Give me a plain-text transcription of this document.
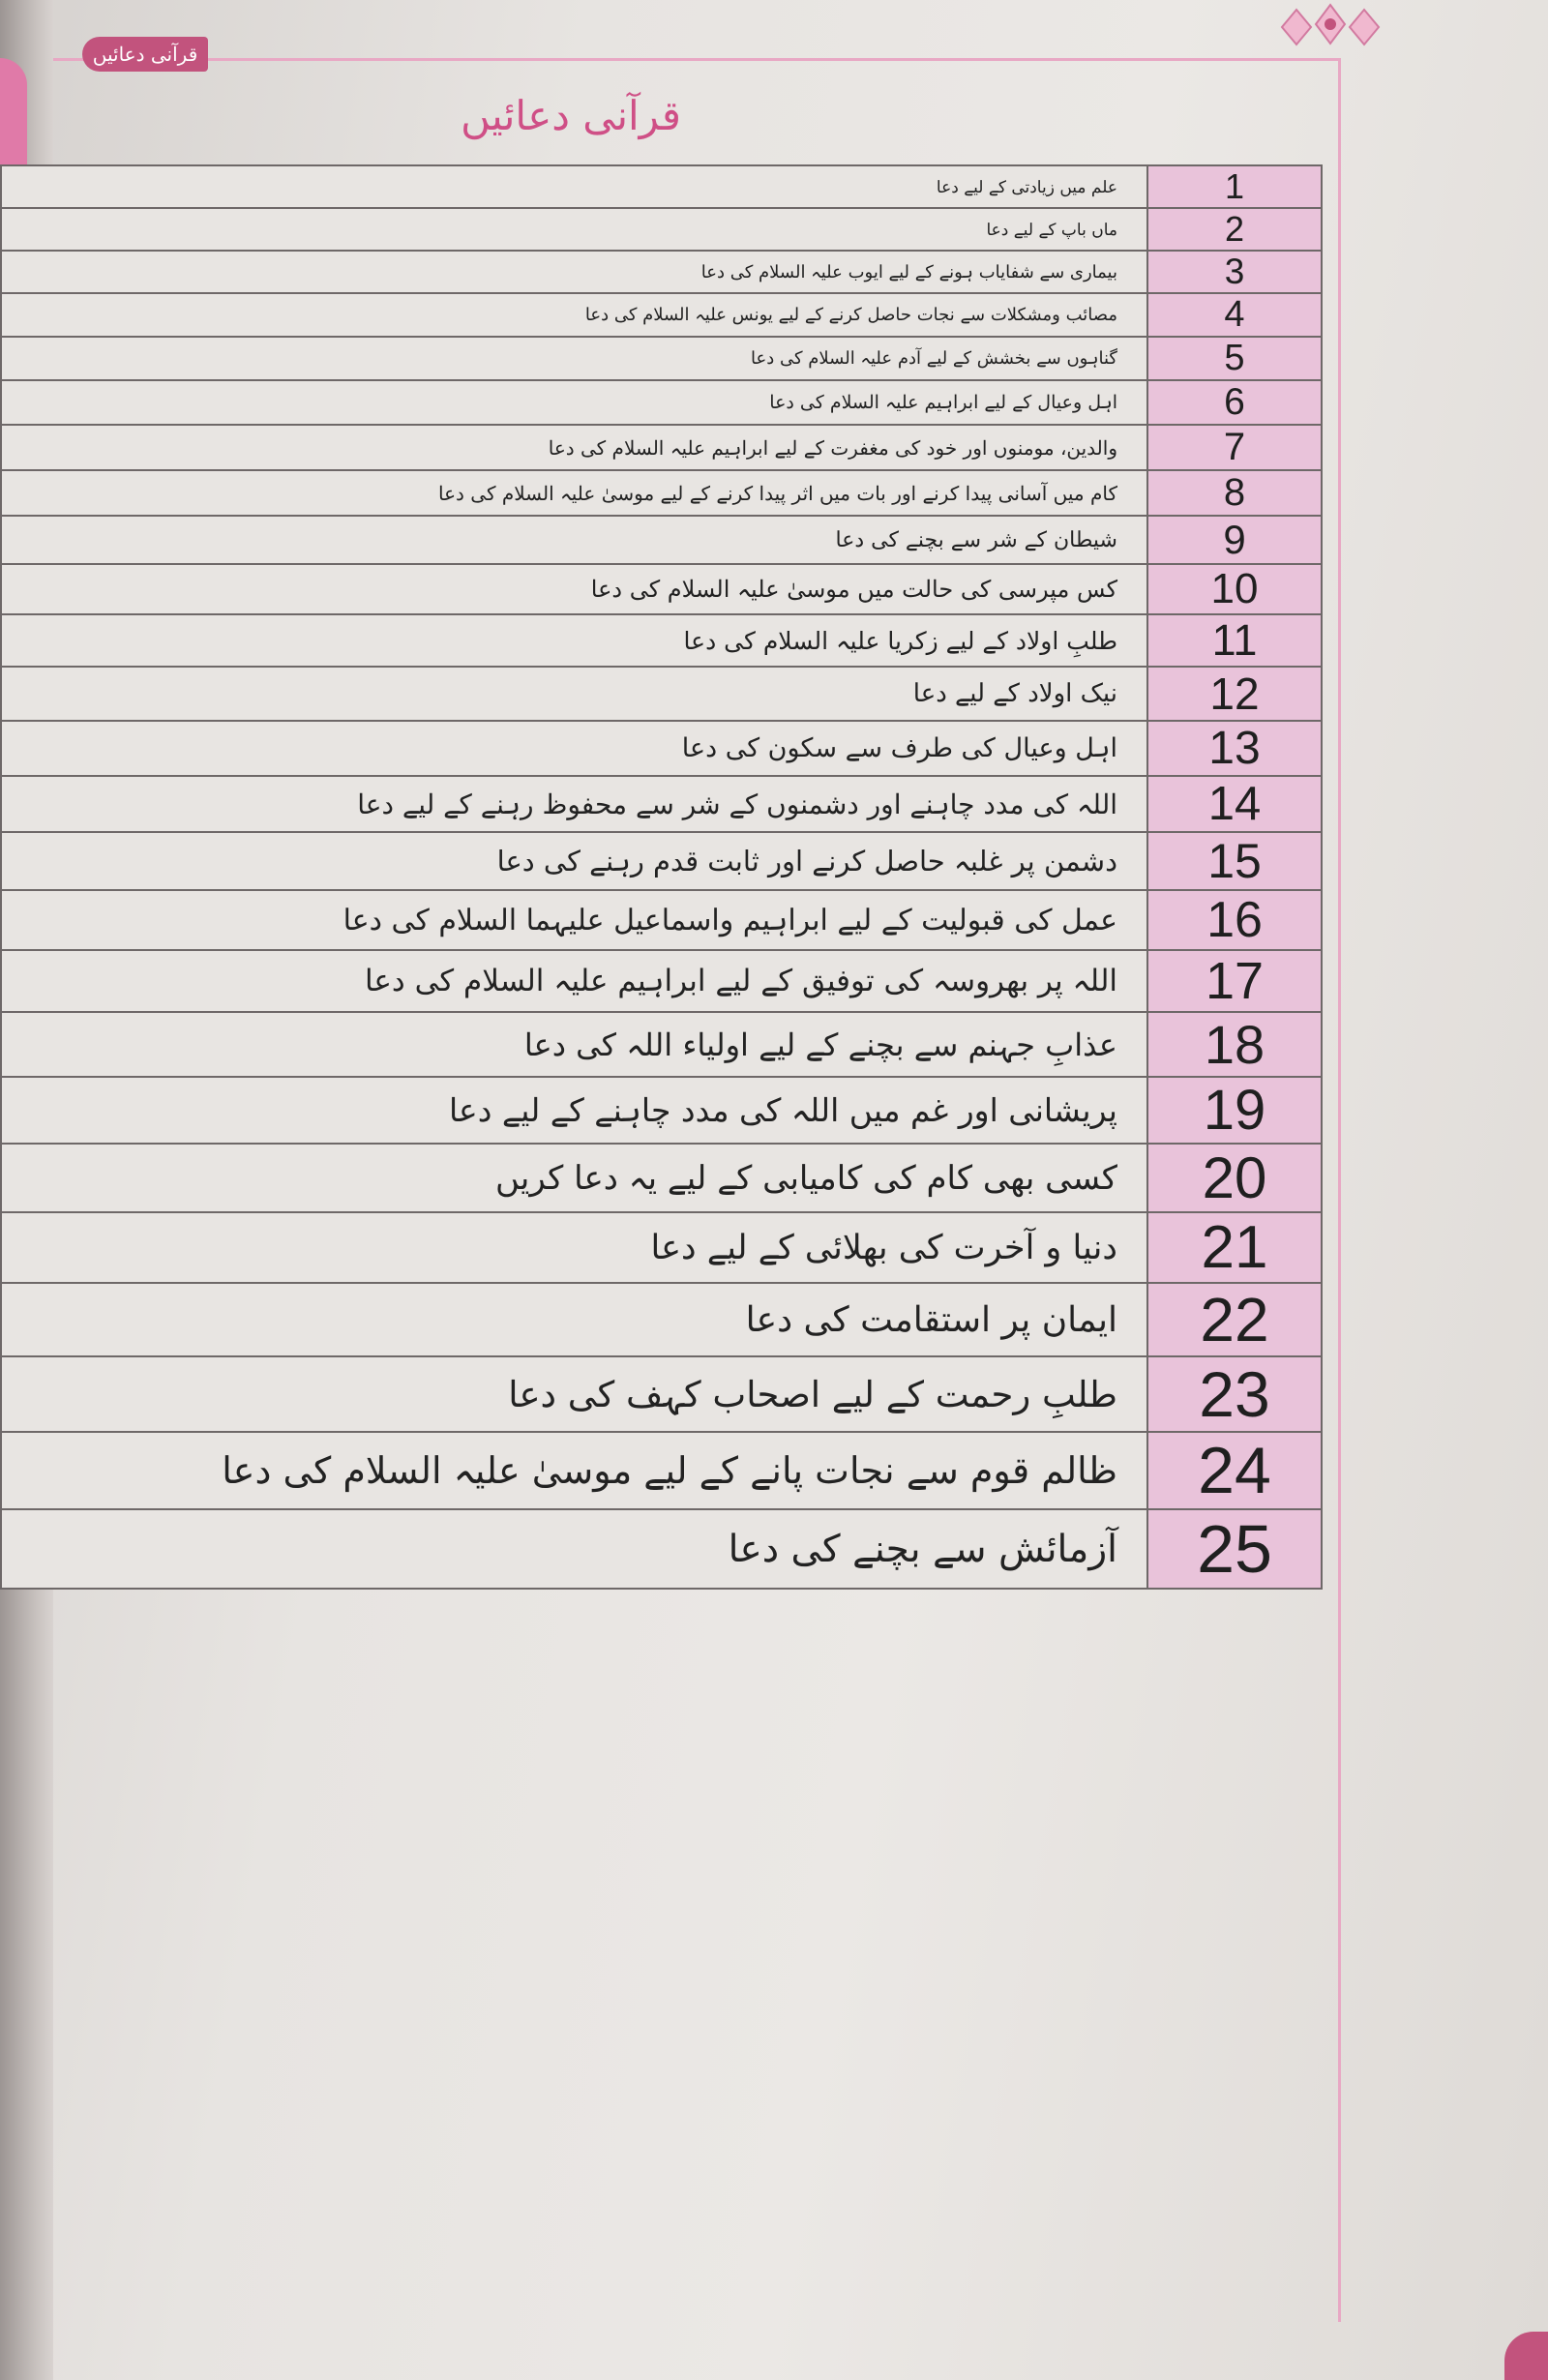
قرآنی دعائیں
قرآنی دعائیں
علم میں زیادتی کے لیے دعا	1
ماں باپ کے لیے دعا	2
بیماری سے شفایاب ہونے کے لیے ایوب علیہ السلام کی دعا	3
مصائب ومشکلات سے نجات حاصل کرنے کے لیے یونس علیہ السلام کی دعا	4
گناہوں سے بخشش کے لیے آدم علیہ السلام کی دعا	5
اہل وعیال کے لیے ابراہیم علیہ السلام کی دعا	6
والدین، مومنوں اور خود کی مغفرت کے لیے ابراہیم علیہ السلام کی دعا	7
کام میں آسانی پیدا کرنے اور بات میں اثر پیدا کرنے کے لیے موسیٰ علیہ السلام کی دعا	8
شیطان کے شر سے بچنے کی دعا	9
کس مپرسی کی حالت میں موسیٰ علیہ السلام کی دعا	10
طلبِ اولاد کے لیے زکریا علیہ السلام کی دعا	11
نیک اولاد کے لیے دعا	12
اہل وعیال کی طرف سے سکون کی دعا	13
اللہ کی مدد چاہنے اور دشمنوں کے شر سے محفوظ رہنے کے لیے دعا	14
دشمن پر غلبہ حاصل کرنے اور ثابت قدم رہنے کی دعا	15
عمل کی قبولیت کے لیے ابراہیم واسماعیل علیہما السلام کی دعا	16
اللہ پر بھروسہ کی توفیق کے لیے ابراہیم علیہ السلام کی دعا	17
عذابِ جہنم سے بچنے کے لیے اولیاء اللہ کی دعا	18
پریشانی اور غم میں اللہ کی مدد چاہنے کے لیے دعا	19
کسی بھی کام کی کامیابی کے لیے یہ دعا کریں	20
دنیا و آخرت کی بھلائی کے لیے دعا	21
ایمان پر استقامت کی دعا	22
طلبِ رحمت کے لیے اصحاب کہف کی دعا	23
ظالم قوم سے نجات پانے کے لیے موسیٰ علیہ السلام کی دعا	24
آزمائش سے بچنے کی دعا	25
